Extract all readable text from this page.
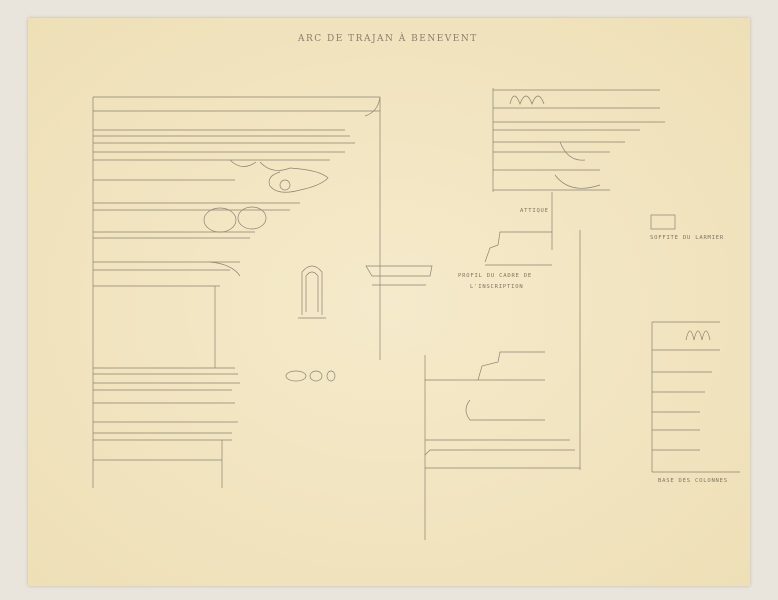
ARC DE TRAJAN À BENEVENT
ATTIQUE
PROFIL DU CADRE DE
L'INSCRIPTION
SOFFITE DU LARMIER
BASE DES COLONNES
